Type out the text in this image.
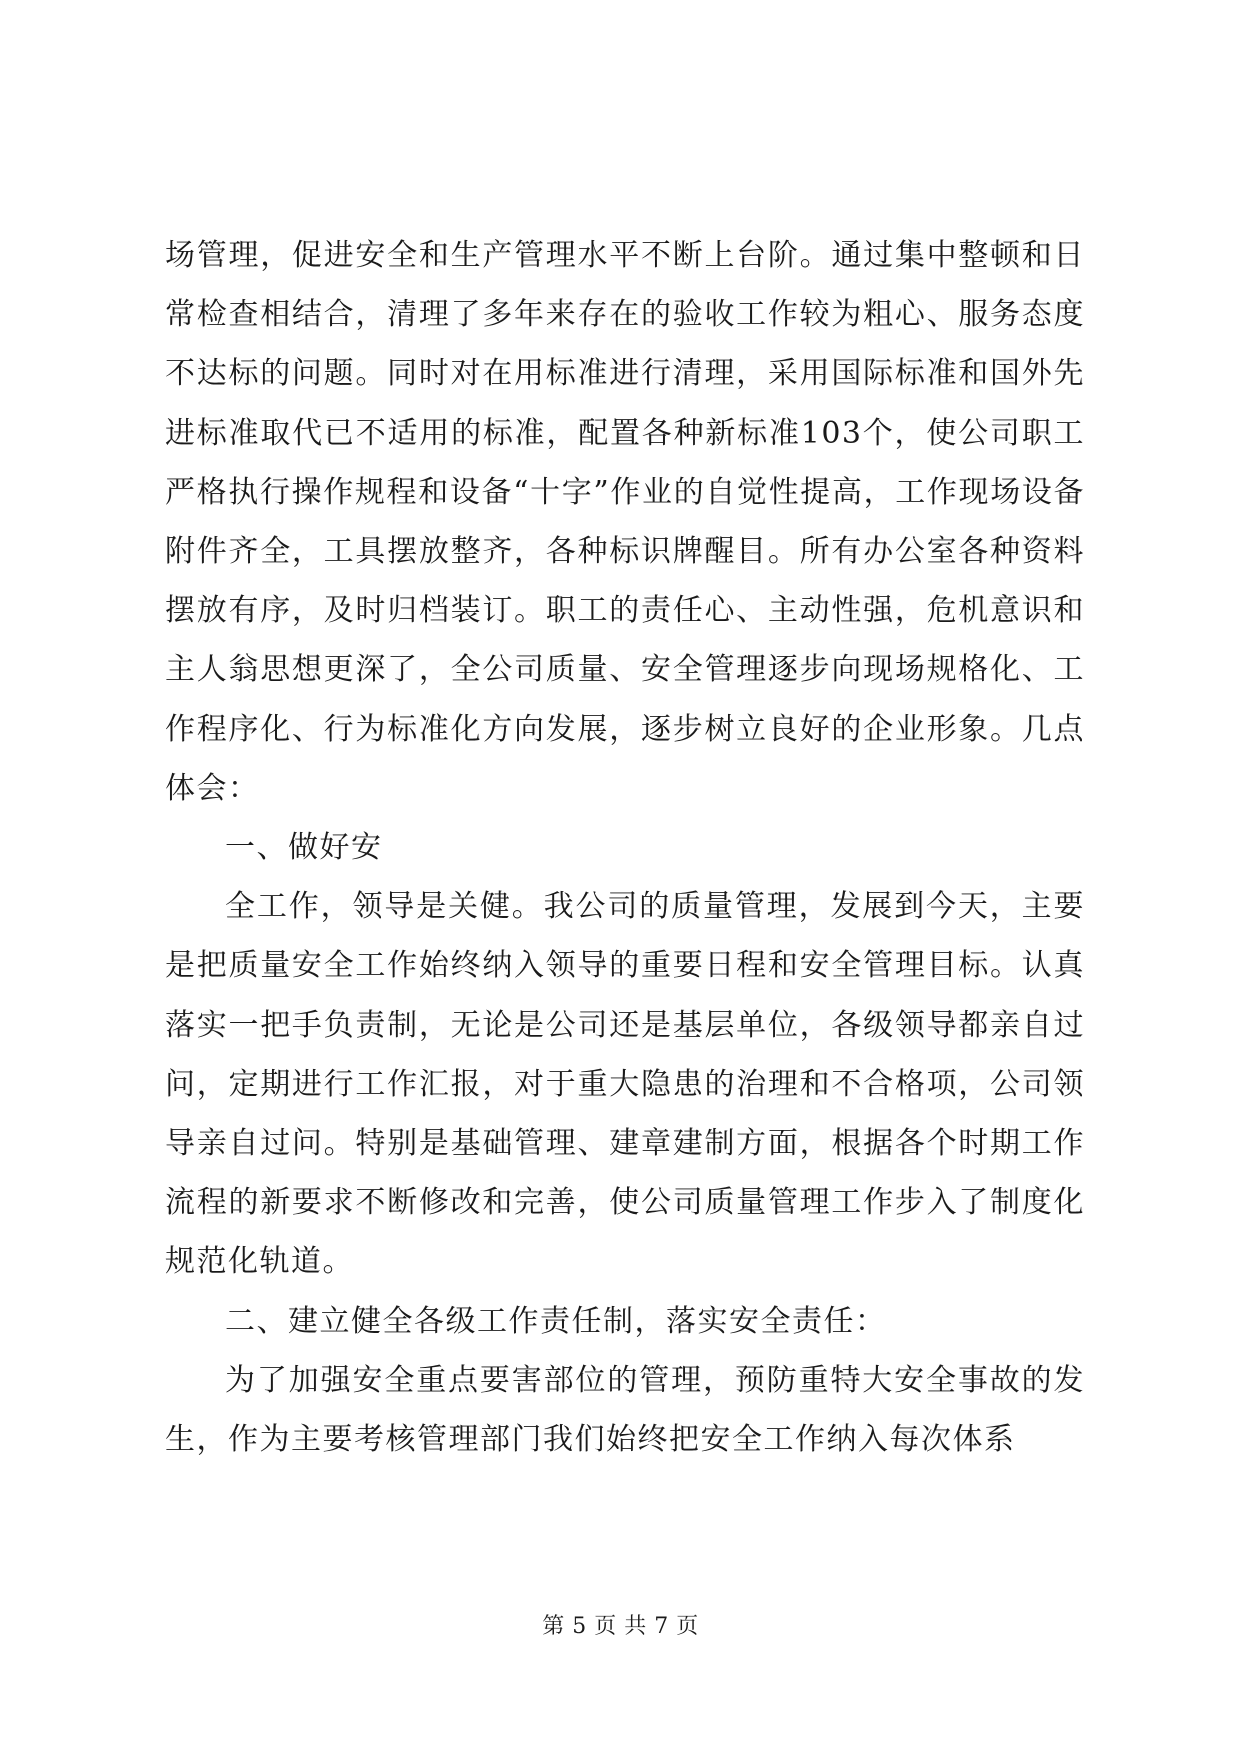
场管理，促进安全和生产管理水平不断上台阶。通过集中整顿和日常检查相结合，清理了多年来存在的验收工作较为粗心、服务态度不达标的问题。同时对在用标准进行清理，采用国际标准和国外先进标准取代已不适用的标准，配置各种新标准103个，使公司职工严格执行操作规程和设备“十字”作业的自觉性提高，工作现场设备附件齐全，工具摆放整齐，各种标识牌醒目。所有办公室各种资料摆放有序，及时归档装订。职工的责任心、主动性强，危机意识和主人翁思想更深了，全公司质量、安全管理逐步向现场规格化、工作程序化、行为标准化方向发展，逐步树立良好的企业形象。几点体会：

一、做好安

全工作，领导是关健。我公司的质量管理，发展到今天，主要是把质量安全工作始终纳入领导的重要日程和安全管理目标。认真落实一把手负责制，无论是公司还是基层单位，各级领导都亲自过问，定期进行工作汇报，对于重大隐患的治理和不合格项，公司领导亲自过问。特别是基础管理、建章建制方面，根据各个时期工作流程的新要求不断修改和完善，使公司质量管理工作步入了制度化规范化轨道。

二、建立健全各级工作责任制，落实安全责任：

为了加强安全重点要害部位的管理，预防重特大安全事故的发生，作为主要考核管理部门我们始终把安全工作纳入每次体系

第 5 页 共 7 页
